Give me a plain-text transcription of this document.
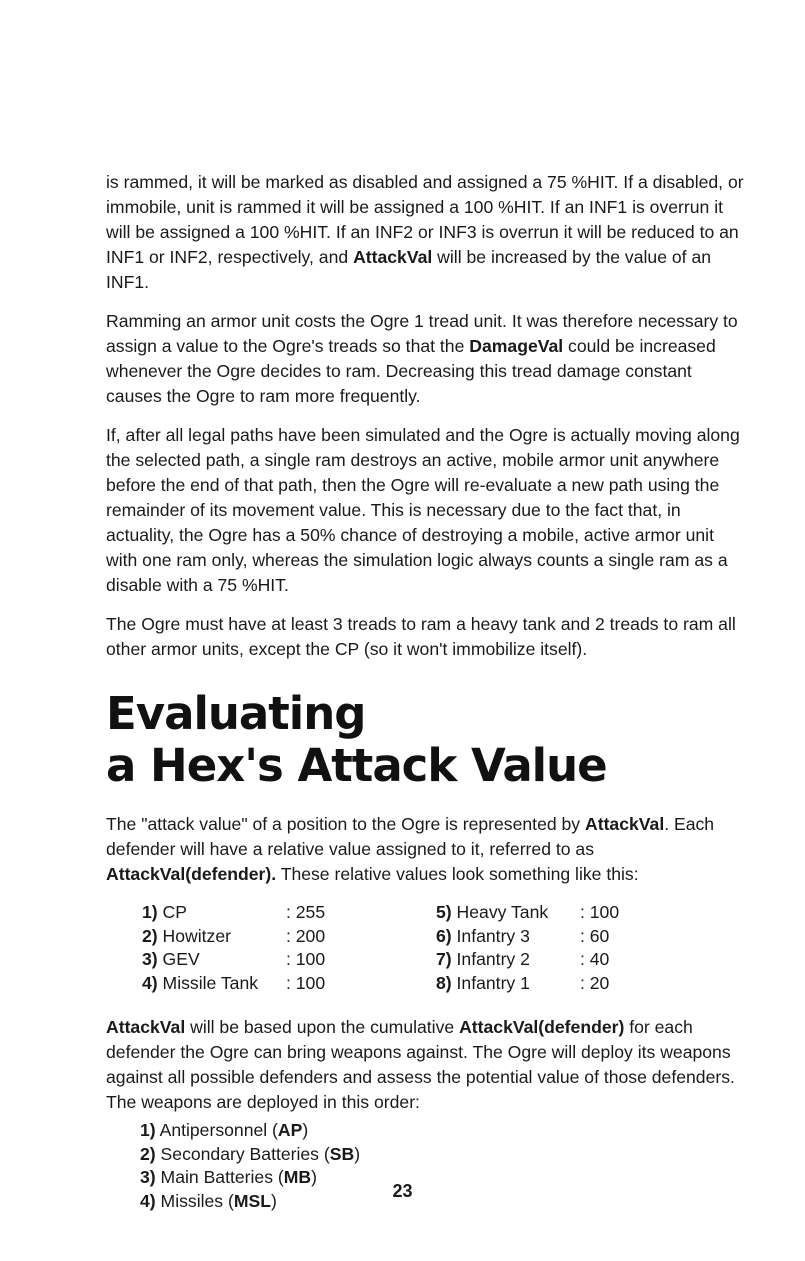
is rammed, it will be marked as disabled and assigned a 75 %HIT. If a disabled, or immobile, unit is rammed it will be assigned a 100 %HIT. If an INF1 is overrun it will be assigned a 100 %HIT. If an INF2 or INF3 is overrun it will be reduced to an INF1 or INF2, respectively, and AttackVal will be increased by the value of an INF1.

Ramming an armor unit costs the Ogre 1 tread unit. It was therefore necessary to assign a value to the Ogre's treads so that the DamageVal could be increased whenever the Ogre decides to ram. Decreasing this tread damage constant causes the Ogre to ram more frequently.

If, after all legal paths have been simulated and the Ogre is actually moving along the selected path, a single ram destroys an active, mobile armor unit anywhere before the end of that path, then the Ogre will re-evaluate a new path using the remainder of its movement value. This is necessary due to the fact that, in actuality, the Ogre has a 50% chance of destroying a mobile, active armor unit with one ram only, whereas the simulation logic always counts a single ram as a disable with a 75 %HIT.

The Ogre must have at least 3 treads to ram a heavy tank and 2 treads to ram all other armor units, except the CP (so it won't immobilize itself).

Evaluating
a Hex's Attack Value

The "attack value" of a position to the Ogre is represented by AttackVal. Each defender will have a relative value assigned to it, referred to as AttackVal(defender). These relative values look something like this:

1) CP	: 255	5) Heavy Tank	: 100
2) Howitzer	: 200	6) Infantry 3	: 60
3) GEV	: 100	7) Infantry 2	: 40
4) Missile Tank	: 100	8) Infantry 1	: 20

AttackVal will be based upon the cumulative AttackVal(defender) for each defender the Ogre can bring weapons against. The Ogre will deploy its weapons against all possible defenders and assess the potential value of those defenders. The weapons are deployed in this order:

1) Antipersonnel (AP)
2) Secondary Batteries (SB)
3) Main Batteries (MB)
4) Missiles (MSL)	23
